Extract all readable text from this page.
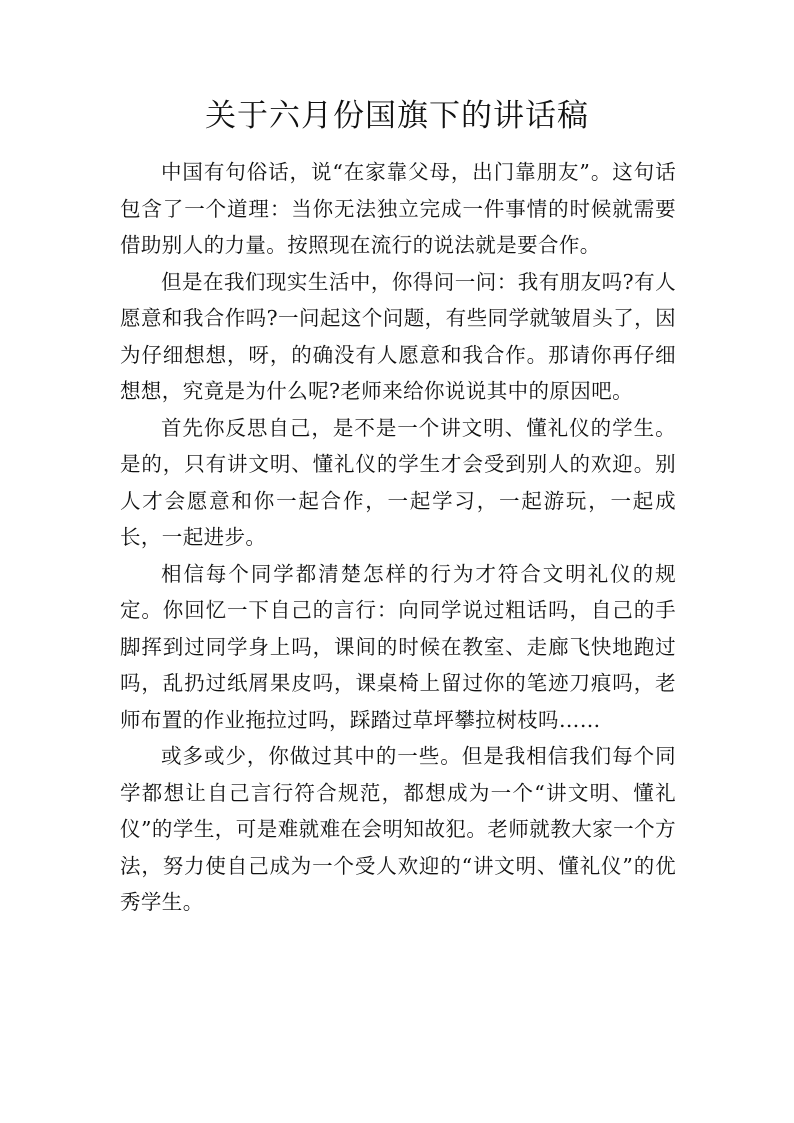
关于六月份国旗下的讲话稿

中国有句俗话，说“在家靠父母，出门靠朋友”。这句话包含了一个道理：当你无法独立完成一件事情的时候就需要借助别人的力量。按照现在流行的说法就是要合作。

但是在我们现实生活中，你得问一问：我有朋友吗?有人愿意和我合作吗?一问起这个问题，有些同学就皱眉头了，因为仔细想想，呀，的确没有人愿意和我合作。那请你再仔细想想，究竟是为什么呢?老师来给你说说其中的原因吧。

首先你反思自己，是不是一个讲文明、懂礼仪的学生。是的，只有讲文明、懂礼仪的学生才会受到别人的欢迎。别人才会愿意和你一起合作，一起学习，一起游玩，一起成长，一起进步。

相信每个同学都清楚怎样的行为才符合文明礼仪的规定。你回忆一下自己的言行：向同学说过粗话吗，自己的手脚挥到过同学身上吗，课间的时候在教室、走廊飞快地跑过吗，乱扔过纸屑果皮吗，课桌椅上留过你的笔迹刀痕吗，老师布置的作业拖拉过吗，踩踏过草坪攀拉树枝吗……

或多或少，你做过其中的一些。但是我相信我们每个同学都想让自己言行符合规范，都想成为一个“讲文明、懂礼仪”的学生，可是难就难在会明知故犯。老师就教大家一个方法，努力使自己成为一个受人欢迎的“讲文明、懂礼仪”的优秀学生。
